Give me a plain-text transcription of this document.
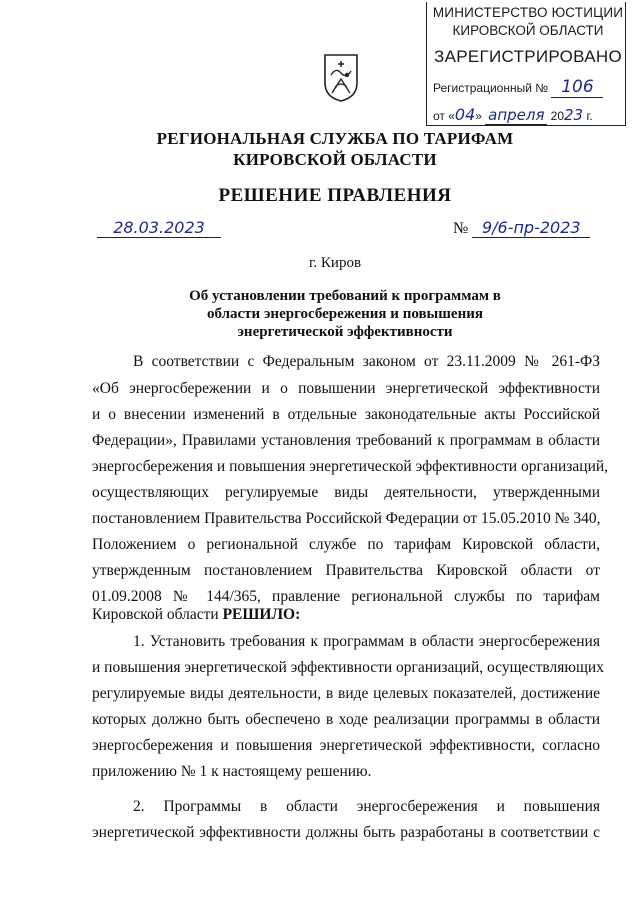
МИНИСТЕРСТВО ЮСТИЦИИ
КИРОВСКОЙ ОБЛАСТИ
ЗАРЕГИСТРИРОВАНО
Регистрационный № 106
от «04» апреля 2023 г.
РЕГИОНАЛЬНАЯ СЛУЖБА ПО ТАРИФАМ
КИРОВСКОЙ ОБЛАСТИ
РЕШЕНИЕ ПРАВЛЕНИЯ
28.03.2023	№ 9/6-пр-2023
г. Киров
Об установлении требований к программам в
области энергосбережения и повышения
энергетической эффективности
В соответствии с Федеральным законом от 23.11.2009 № 261-ФЗ
«Об энергосбережении и о повышении энергетической эффективности
и о внесении изменений в отдельные законодательные акты Российской
Федерации», Правилами установления требований к программам в области
энергосбережения и повышения энергетической эффективности организаций,
осуществляющих регулируемые виды деятельности, утвержденными
постановлением Правительства Российской Федерации от 15.05.2010 № 340,
Положением о региональной службе по тарифам Кировской области,
утвержденным постановлением Правительства Кировской области от
01.09.2008 № 144/365, правление региональной службы по тарифам
Кировской области РЕШИЛО:
1. Установить требования к программам в области энергосбережения
и повышения энергетической эффективности организаций, осуществляющих
регулируемые виды деятельности, в виде целевых показателей, достижение
которых должно быть обеспечено в ходе реализации программы в области
энергосбережения и повышения энергетической эффективности, согласно
приложению № 1 к настоящему решению.
2. Программы в области энергосбережения и повышения
энергетической эффективности должны быть разработаны в соответствии с
